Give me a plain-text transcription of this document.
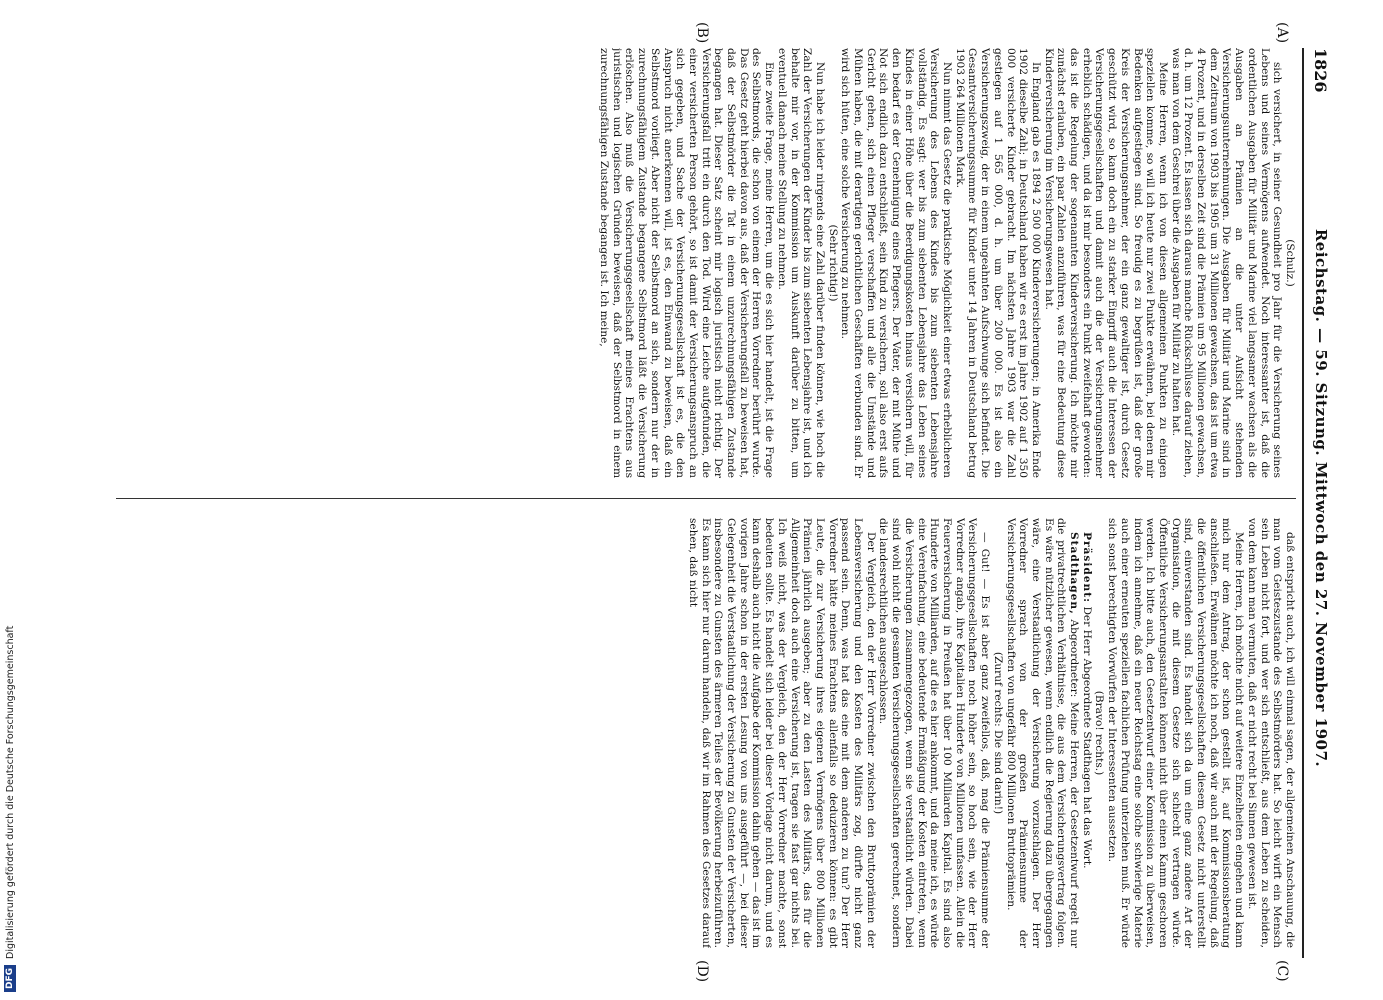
1826
Reichstag. — 59. Sitzung. Mittwoch den 27. November 1907.

(Schulz.)

sich versichert, in seiner Gesundheit pro Jahr für die Versicherung seines Lebens und seines Vermögens aufwendet. Noch interessanter ist, daß die ordentlichen Ausgaben für Militär und Marine viel langsamer wachsen als die Ausgaben an Prämien an die unter Aufsicht stehenden Versicherungsunternehmungen. Die Ausgaben für Militär und Marine sind in dem Zeitraum von 1903 bis 1905 um 31 Millionen gewachsen, das ist um etwa 4 Prozent, und in derselben Zeit sind die Prämien um 95 Millionen gewachsen, d. h. um 12 Prozent. Es lassen sich daraus manche Rückschlüsse darauf ziehen, was man von dem Geschrei über die Ausgaben für Militär zu halten hat.

Meine Herren, wenn ich von diesen allgemeinen Punkten zu einigen speziellen komme, so will ich heute nur zwei Punkte erwähnen, bei denen mir Bedenken aufgestiegen sind. So freudig es zu begrüßen ist, daß der große Kreis der Versicherungsnehmer, der ein ganz gewaltiger ist, durch Gesetz geschützt wird, so kann doch ein zu starker Eingriff auch die Interessen der Versicherungsgesellschaften und damit auch die der Versicherungsnehmer erheblich schädigen, und da ist mir besonders ein Punkt zweifelhaft geworden: das ist die Regelung der sogenannten Kinderversicherung. Ich möchte mir zunächst erlauben, ein paar Zahlen anzuführen, was für eine Bedeutung diese Kinderversicherung im Versicherungswesen hat.

In England gab es 1894 2 500 000 Kinderversicherungen; in Amerika Ende 1902 dieselbe Zahl; in Deutschland haben wir es erst im Jahre 1902 auf 1 350 000 versicherte Kinder gebracht. Im nächsten Jahre 1903 war die Zahl gestiegen auf 1 565 000, d. h. um über 200 000. Es ist also ein Versicherungszweig, der in einem ungeahnten Aufschwunge sich befindet. Die Gesamtversicherungssumme für Kinder unter 14 Jahren in Deutschland betrug 1903 264 Millionen Mark.

Nun nimmt das Gesetz die praktische Möglichkeit einer etwas erheblicheren Versicherung des Lebens des Kindes bis zum siebenten Lebensjahre vollständig. Es sagt: wer bis zum siebenten Lebensjahre das Leben seines Kindes in einer Höhe über die Beerdigungskosten hinaus versichern will, für den bedarf es der Genehmigung eines Pflegers. Der Vater, der mit Mühe und Not sich endlich dazu entschließt, sein Kind zu versichern, soll also erst aufs Gericht gehen, sich einen Pfleger verschaffen und alle die Umstände und Mühen haben, die mit derartigen gerichtlichen Geschäften verbunden sind. Er wird sich hüten, eine solche Versicherung zu nehmen.

(Sehr richtig!)

Nun habe ich leider nirgends eine Zahl darüber finden können, wie hoch die Zahl der Versicherungen der Kinder bis zum siebenten Lebensjahre ist, und ich behalte mir vor, in der Kommission um Auskunft darüber zu bitten, um eventuell danach meine Stellung zu nehmen.

Eine zweite Frage, meine Herren, um die es sich hier handelt, ist die Frage des Selbstmords, die schon von einem der Herren Vorredner berührt wurde. Das Gesetz geht hierbei davon aus, daß der Versicherungsfall zu beweisen hat, daß der Selbstmörder die Tat in einem unzurechnungsfähigen Zustande begangen hat. Dieser Satz scheint mir logisch juristisch nicht richtig. Der Versicherungsfall tritt ein durch den Tod. Wird eine Leiche aufgefunden, die einer versicherten Person gehört, so ist damit der Versicherungsanspruch an sich gegeben, und Sache der Versicherungsgesellschaft ist es, die den Anspruch nicht anerkennen will, ist es, den Einwand zu beweisen, daß ein Selbstmord vorliegt. Aber nicht der Selbstmord an sich, sondern nur der in zurechnungsfähigem Zustande begangene Selbstmord läßt die Versicherung erlöschen. Also muß die Versicherungsgesellschaft meines Erachtens aus juristischen und logischen Gründen beweisen, daß der Selbstmord in einem zurechnungsfähigen Zustande begangen ist. Ich meine,

daß entspricht auch, ich will einmal sagen, der allgemeinen Anschauung, die man vom Geisteszustande des Selbstmörders hat. So leicht wirft ein Mensch sein Leben nicht fort, und wer sich entschließt, aus dem Leben zu scheiden, von dem kann man vermuten, daß er nicht recht bei Sinnen gewesen ist.

Meine Herren, ich möchte nicht auf weitere Einzelheiten eingehen und kann mich nur dem Antrag, der schon gestellt ist, auf Kommissionsberatung anschließen. Erwähnen möchte ich noch, daß wir auch mit der Regelung, daß die öffentlichen Versicherungsgesellschaften diesem Gesetz nicht unterstellt sind, einverstanden sind. Es handelt sich da um eine ganz andere Art der Organisation, die mit diesem Gesetze sich schlecht vertragen würde. Öffentliche Versicherungsanstalten können nicht über einen Kamm geschoren werden. Ich bitte auch, den Gesetzentwurf einer Kommission zu überweisen, indem ich annehme, daß ein neuer Reichstag eine solche schwierige Materie auch einer erneuten speziellen fachlichen Prüfung unterziehen muß. Er würde sich sonst berechtigten Vorwürfen der Interessenten aussetzen.

(Bravo! rechts.)

Präsident: Der Herr Abgeordnete Stadthagen hat das Wort.

Stadthagen, Abgeordneter: Meine Herren, der Gesetzentwurf regelt nur die privatrechtlichen Verhältnisse, die aus dem Versicherungsvertrag folgen. Es wäre nützlicher gewesen, wenn endlich die Regierung dazu übergegangen wäre, eine Verstaatlichung der Versicherung vorzuschlagen. Der Herr Vorredner sprach von der großen Prämiensumme der Versicherungsgesellschaften von ungefähr 800 Millionen Bruttoprämien.

(Zuruf rechts: Die sind darin!)

— Gut! — Es ist aber ganz zweifellos, daß, mag die Prämiensumme der Versicherungsgesellschaften noch höher sein, so hoch sein, wie der Herr Vorredner angab, ihre Kapitalien Hunderte von Millionen umfassen. Allein die Feuerversicherung in Preußen hat über 100 Milliarden Kapital. Es sind also Hunderte von Milliarden, auf die es hier ankommt, und da meine ich, es würde eine Vereinfachung, eine bedeutende Ermäßigung der Kosten eintreten, wenn die Versicherungen zusammengezogen, wenn sie verstaatlicht würden. Dabei sind wohl nicht die gesamten Versicherungsgesellschaften gerechnet, sondern die landesrechtlichen ausgeschlossen.

Der Vergleich, den der Herr Vorredner zwischen den Bruttoprämien der Lebensversicherung und den Kosten des Militärs zog, dürfte nicht ganz passend sein. Denn, was hat das eine mit dem anderen zu tun? Der Herr Vorredner hätte meines Erachtens allenfalls so deduzieren können: es gibt Leute, die zur Versicherung ihres eigenen Vermögens über 800 Millionen Prämien jährlich ausgeben; aber zu den Lasten des Militärs, das für die Allgemeinheit doch auch eine Versicherung ist, tragen sie fast gar nichts bei. Ich weiß nicht, was der Vergleich, den der Herr Vorredner machte, sonst bedeuten sollte. Es handelt sich leider bei dieser Vorlage nicht darum, und es kann deshalb auch nicht die Aufgabe der Kommission dahin gehen — das ist im vorigen Jahre schon in der ersten Lesung von uns ausgeführt —, bei dieser Gelegenheit die Verstaatlichung der Versicherung zu Gunsten der Versicherten, insbesondere zu Gunsten des ärmeren Teiles der Bevölkerung herbeizuführen. Es kann sich hier nur darum handeln, daß wir im Rahmen des Gesetzes darauf sehen, daß nicht

(A)
(B)
(C)
(D)
DFG
Digitalisierung gefördert durch die Deutsche Forschungsgemeinschaft
